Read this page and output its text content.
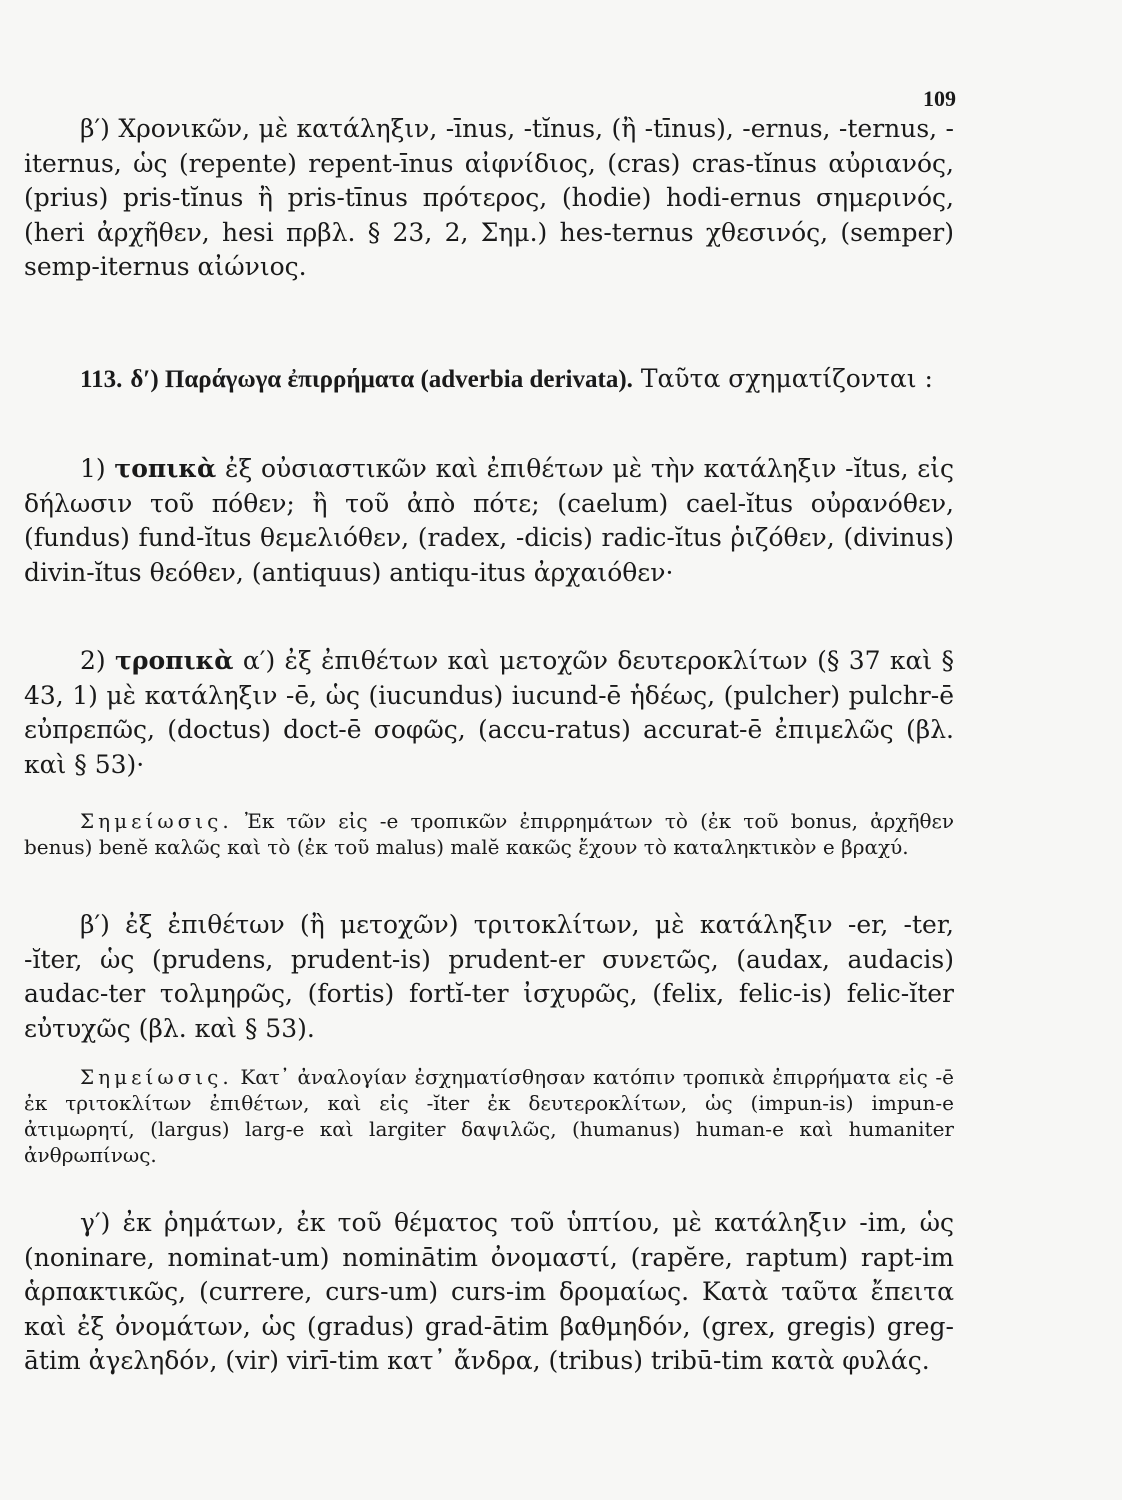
109

β′) Χρονικῶν, μὲ κατάληξιν, -īnus, -tĭnus, (ἢ -tīnus), -ernus, -ternus, -iternus, ὡς (repente) repent-īnus αἰφνίδιος, (cras) cras-tĭnus αὐριανός, (prius) pris-tĭnus ἢ pris-tīnus πρότερος, (hodie) hodi-ernus σημερινός, (heri ἀρχῆθεν, hesi πρβλ. § 23, 2, Σημ.) hes-ternus χθεσινός, (semper) semp-iternus αἰώνιος.

113. δ′) Παράγωγα ἐπιρρήματα (adverbia derivata). Ταῦτα σχηματίζονται :

1) τοπικὰ ἐξ οὐσιαστικῶν καὶ ἐπιθέτων μὲ τὴν κατάληξιν -ĭtus, εἰς δήλωσιν τοῦ πόθεν; ἢ τοῦ ἀπὸ πότε; (caelum) cael-ĭtus οὐρανόθεν, (fundus) fund-ĭtus θεμελιόθεν, (radex, -dicis) radic-ĭtus ῥιζόθεν, (divinus) divin-ĭtus θεόθεν, (antiquus) antiqu-itus ἀρχαιόθεν·

2) τροπικὰ α′) ἐξ ἐπιθέτων καὶ μετοχῶν δευτεροκλίτων (§ 37 καὶ § 43, 1) μὲ κατάληξιν -ē, ὡς (iucundus) iucund-ē ἡδέως, (pulcher) pulchr-ē εὐπρεπῶς, (doctus) doct-ē σοφῶς, (accu-ratus) accurat-ē ἐπιμελῶς (βλ. καὶ § 53)·

Σημείωσις. Ἐκ τῶν εἰς -e τροπικῶν ἐπιρρημάτων τὸ (ἐκ τοῦ bonus, ἀρχῆθεν benus) benĕ καλῶς καὶ τὸ (ἐκ τοῦ malus) malĕ κακῶς ἔχουν τὸ καταληκτικὸν e βραχύ.

β′) ἐξ ἐπιθέτων (ἢ μετοχῶν) τριτοκλίτων, μὲ κατάληξιν -er, -ter, -ĭter, ὡς (prudens, prudent-is) prudent-er συνετῶς, (audax, audacis) audac-ter τολμηρῶς, (fortis) fortĭ-ter ἰσχυρῶς, (felix, felic-is) felic-ĭter εὐτυχῶς (βλ. καὶ § 53).

Σημείωσις. Κατ᾿ ἀναλογίαν ἐσχηματίσθησαν κατόπιν τροπικὰ ἐπιρρήματα εἰς -ē ἐκ τριτοκλίτων ἐπιθέτων, καὶ εἰς -ĭter ἐκ δευτεροκλίτων, ὡς (impun-is) impun-e ἀτιμωρητί, (largus) larg-e καὶ largiter δαψιλῶς, (humanus) human-e καὶ humaniter ἀνθρωπίνως.

γ′) ἐκ ῥημάτων, ἐκ τοῦ θέματος τοῦ ὑπτίου, μὲ κατάληξιν -im, ὡς (noninare, nominat-um) nominātim ὀνομαστί, (rapĕre, raptum) rapt-im ἁρπακτικῶς, (currere, curs-um) curs-im δρομαίως. Κατὰ ταῦτα ἔπειτα καὶ ἐξ ὀνομάτων, ὡς (gradus) grad-ātim βαθμηδόν, (grex, gregis) greg-ātim ἀγεληδόν, (vir) virī-tim κατ᾿ ἄνδρα, (tribus) tribū-tim κατὰ φυλάς.
